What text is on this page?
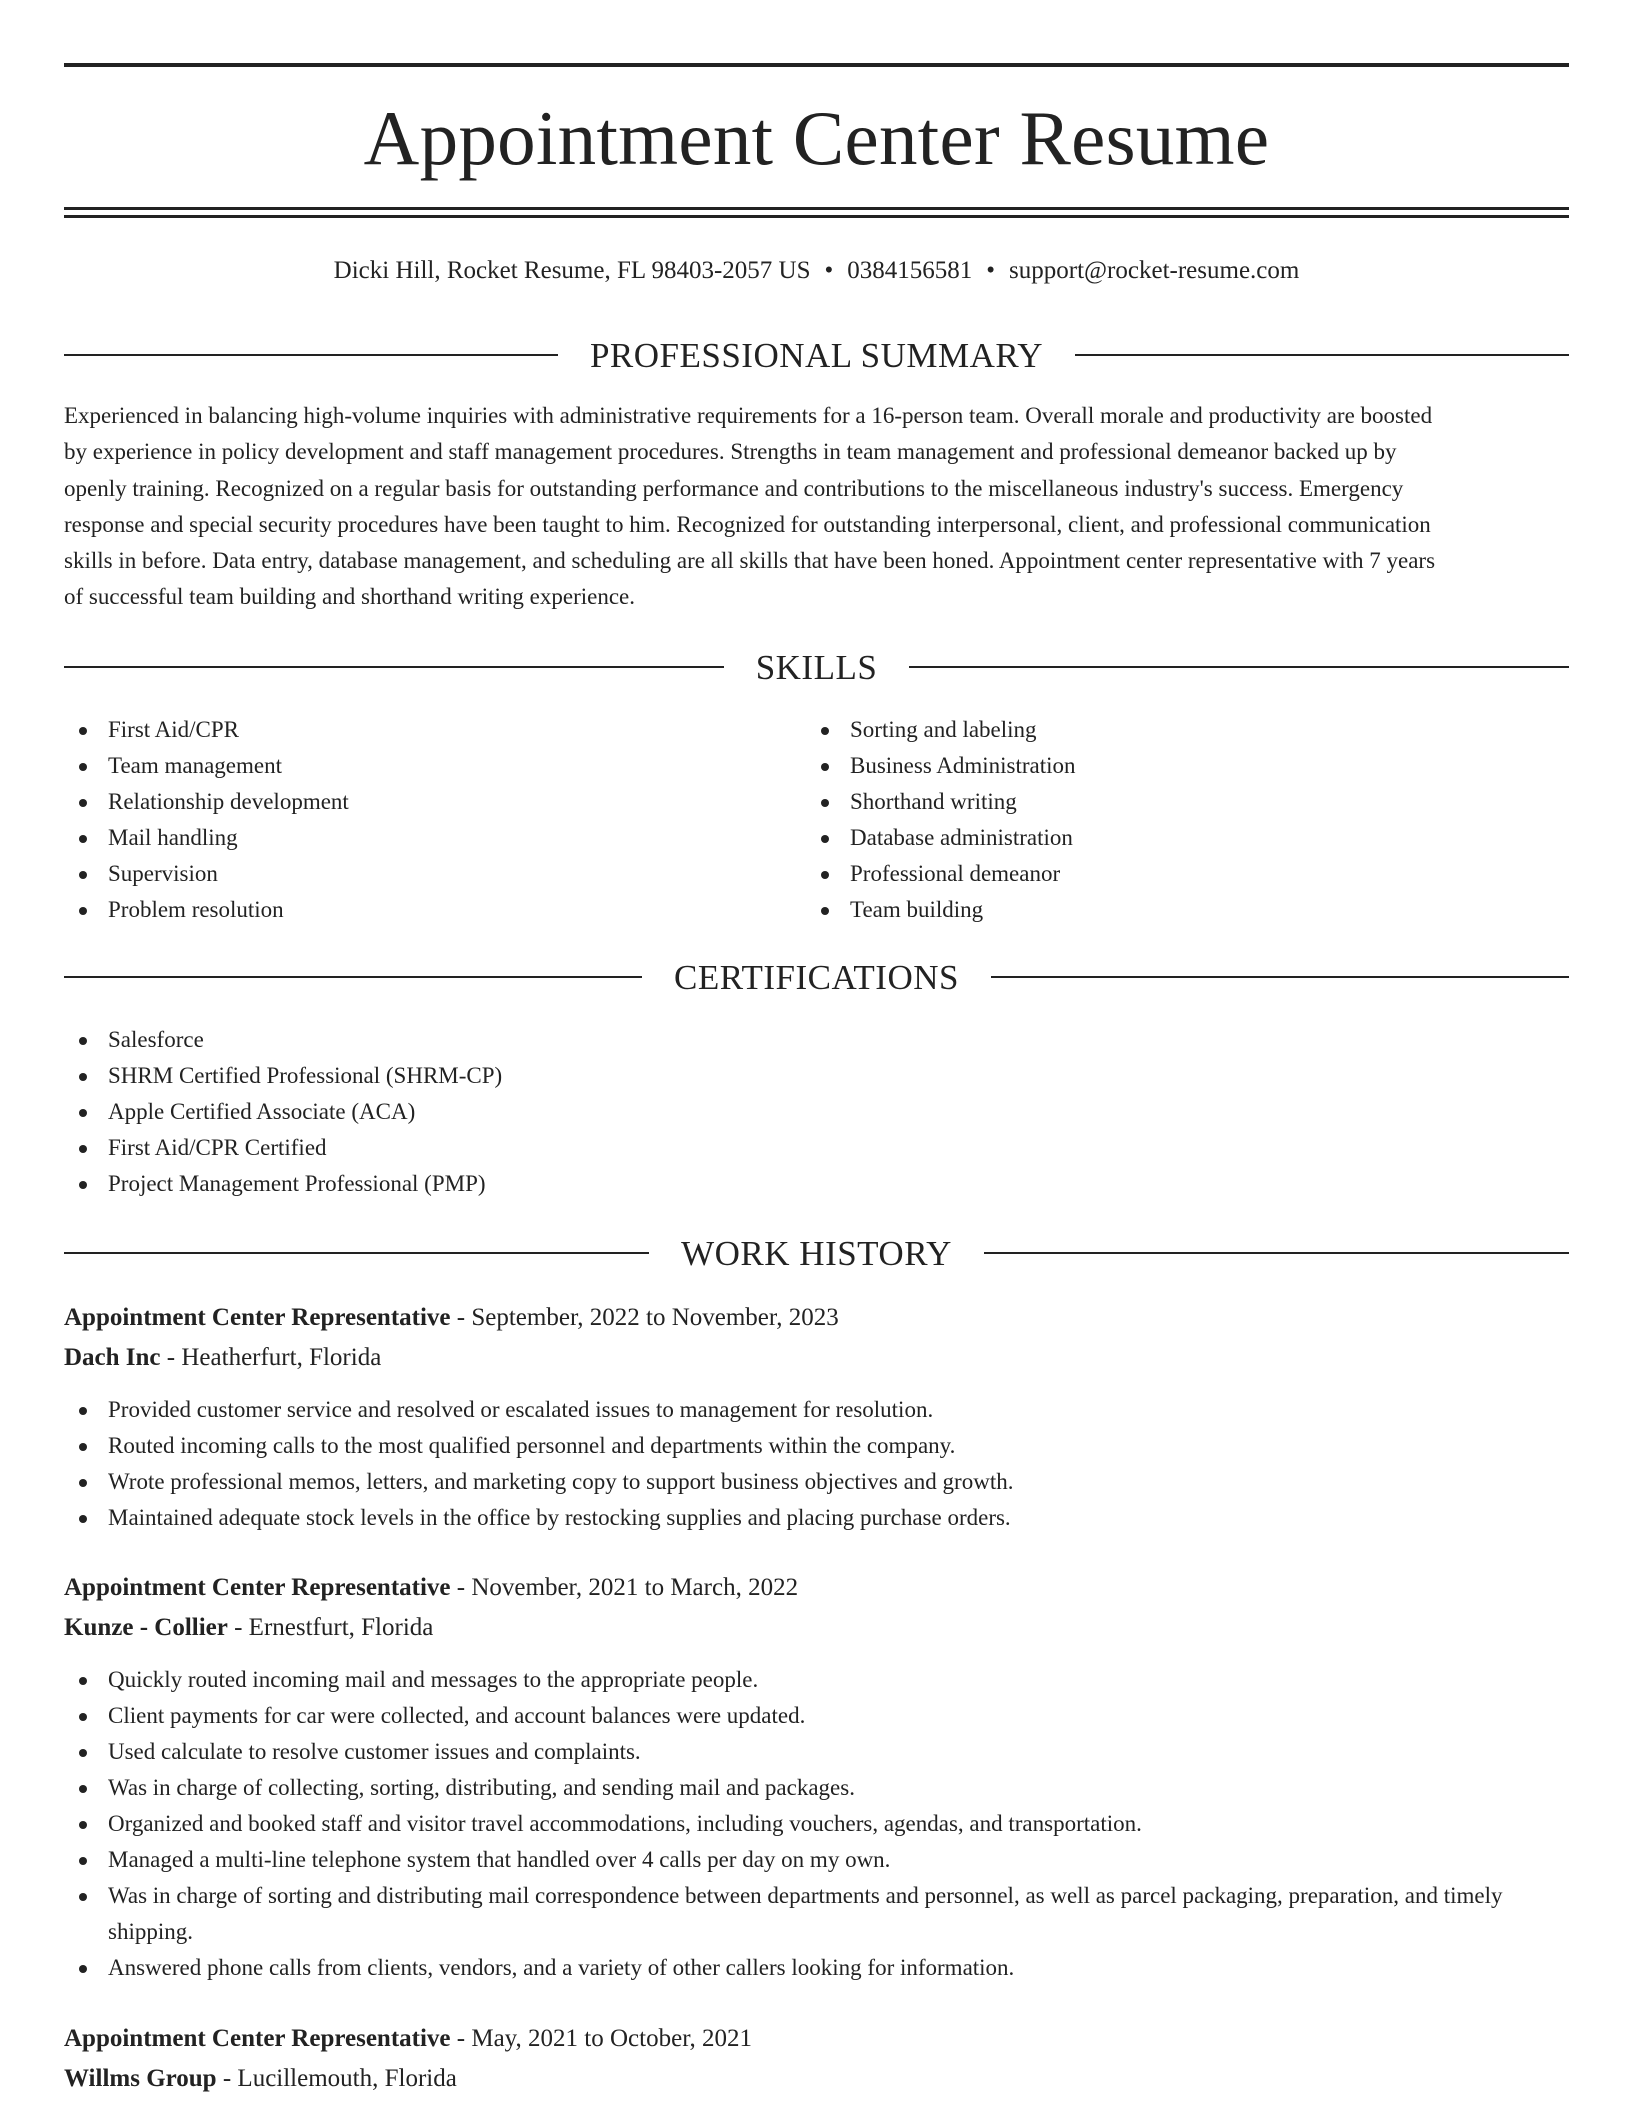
Appointment Center Resume
Dicki Hill, Rocket Resume, FL 98403-2057 US • 0384156581 • support@rocket-resume.com
PROFESSIONAL SUMMARY
Experienced in balancing high-volume inquiries with administrative requirements for a 16-person team. Overall morale and productivity are boosted
by experience in policy development and staff management procedures. Strengths in team management and professional demeanor backed up by
openly training. Recognized on a regular basis for outstanding performance and contributions to the miscellaneous industry's success. Emergency
response and special security procedures have been taught to him. Recognized for outstanding interpersonal, client, and professional communication
skills in before. Data entry, database management, and scheduling are all skills that have been honed. Appointment center representative with 7 years
of successful team building and shorthand writing experience.
SKILLS
First Aid/CPR
Team management
Relationship development
Mail handling
Supervision
Problem resolution
Sorting and labeling
Business Administration
Shorthand writing
Database administration
Professional demeanor
Team building
CERTIFICATIONS
Salesforce
SHRM Certified Professional (SHRM-CP)
Apple Certified Associate (ACA)
First Aid/CPR Certified
Project Management Professional (PMP)
WORK HISTORY
Appointment Center Representative - September, 2022 to November, 2023
Dach Inc - Heatherfurt, Florida
Provided customer service and resolved or escalated issues to management for resolution.
Routed incoming calls to the most qualified personnel and departments within the company.
Wrote professional memos, letters, and marketing copy to support business objectives and growth.
Maintained adequate stock levels in the office by restocking supplies and placing purchase orders.
Appointment Center Representative - November, 2021 to March, 2022
Kunze - Collier - Ernestfurt, Florida
Quickly routed incoming mail and messages to the appropriate people.
Client payments for car were collected, and account balances were updated.
Used calculate to resolve customer issues and complaints.
Was in charge of collecting, sorting, distributing, and sending mail and packages.
Organized and booked staff and visitor travel accommodations, including vouchers, agendas, and transportation.
Managed a multi-line telephone system that handled over 4 calls per day on my own.
Was in charge of sorting and distributing mail correspondence between departments and personnel, as well as parcel packaging, preparation, and timely shipping.
Answered phone calls from clients, vendors, and a variety of other callers looking for information.
Appointment Center Representative - May, 2021 to October, 2021
Willms Group - Lucillemouth, Florida
